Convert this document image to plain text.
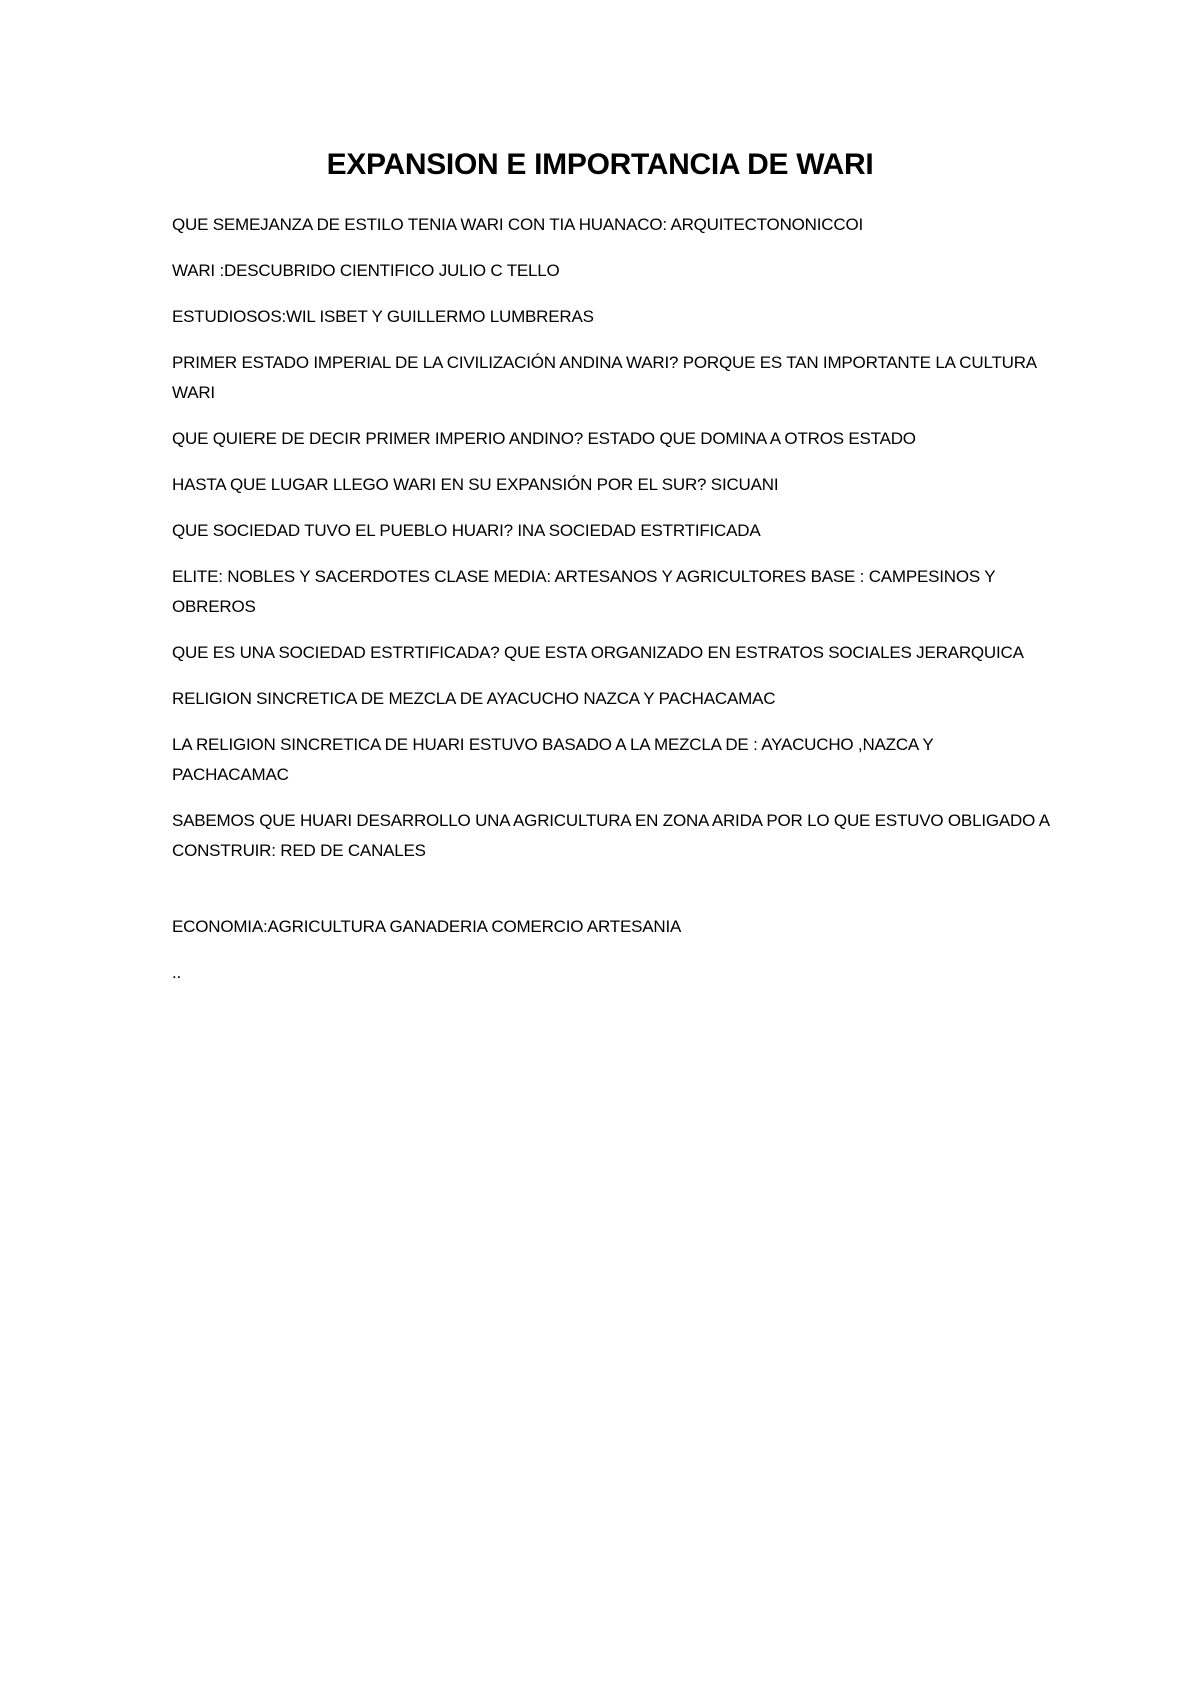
EXPANSION E IMPORTANCIA DE WARI

QUE SEMEJANZA DE ESTILO TENIA WARI CON TIA HUANACO: ARQUITECTONONICCOI

WARI :DESCUBRIDO CIENTIFICO JULIO C TELLO

ESTUDIOSOS:WIL ISBET Y GUILLERMO LUMBRERAS

PRIMER ESTADO IMPERIAL DE LA CIVILIZACIÓN ANDINA WARI? PORQUE ES TAN IMPORTANTE LA CULTURA WARI

QUE QUIERE DE DECIR PRIMER IMPERIO ANDINO? ESTADO QUE DOMINA A OTROS ESTADO

HASTA QUE LUGAR LLEGO WARI EN SU EXPANSIÓN POR EL SUR? SICUANI

QUE SOCIEDAD TUVO EL PUEBLO HUARI? INA SOCIEDAD ESTRTIFICADA

ELITE: NOBLES Y SACERDOTES CLASE MEDIA: ARTESANOS Y AGRICULTORES BASE : CAMPESINOS Y OBREROS

QUE ES UNA SOCIEDAD ESTRTIFICADA? QUE ESTA ORGANIZADO EN ESTRATOS SOCIALES JERARQUICA

RELIGION SINCRETICA DE MEZCLA DE AYACUCHO NAZCA Y PACHACAMAC

LA RELIGION SINCRETICA DE HUARI ESTUVO BASADO A LA MEZCLA DE : AYACUCHO ,NAZCA Y PACHACAMAC

SABEMOS QUE HUARI DESARROLLO UNA AGRICULTURA EN ZONA ARIDA POR LO QUE ESTUVO OBLIGADO A CONSTRUIR: RED DE CANALES

ECONOMIA:AGRICULTURA GANADERIA COMERCIO ARTESANIA

..
